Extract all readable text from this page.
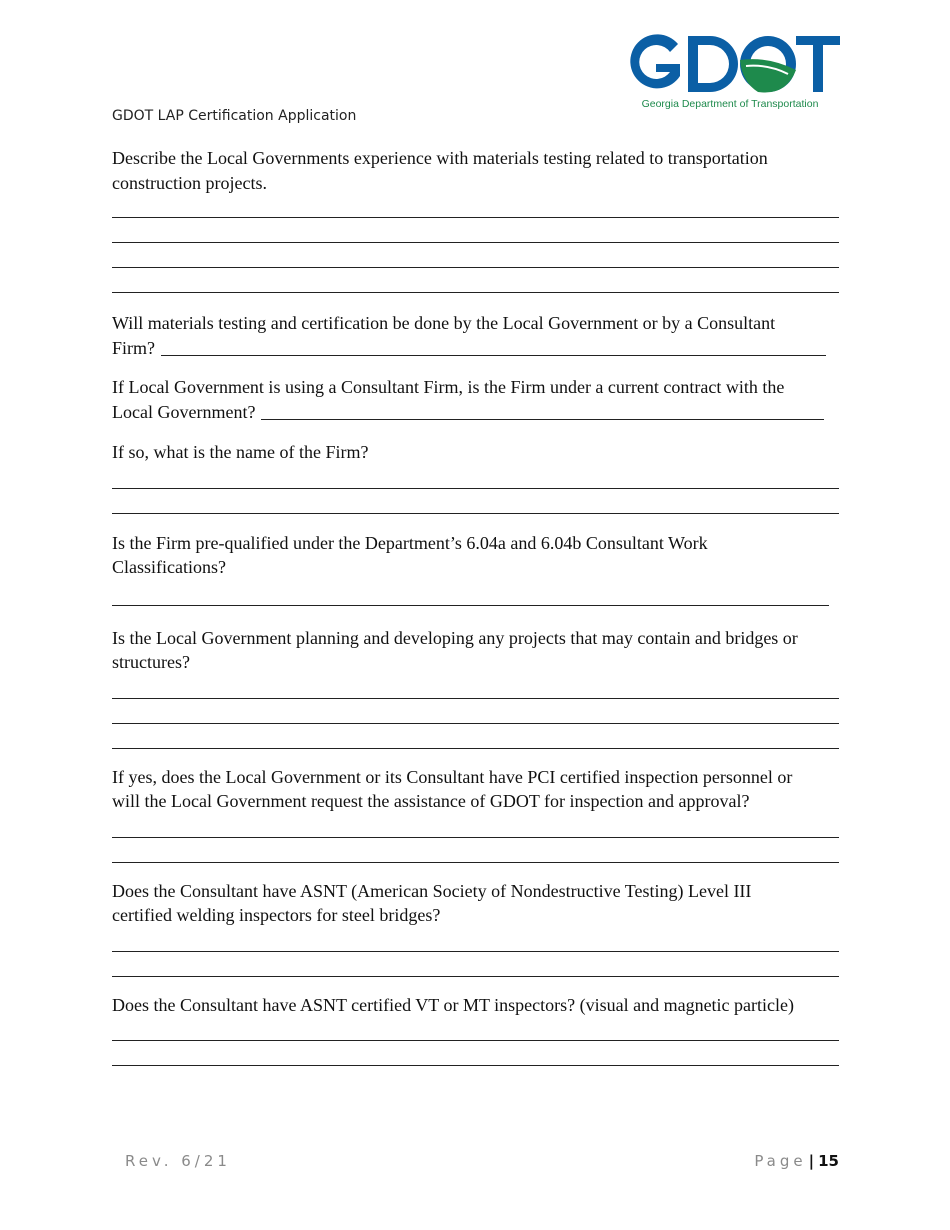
Georgia Department of Transportation
GDOT LAP Certification Application

Describe the Local Governments experience with materials testing related to transportation

construction projects.

Will materials testing and certification be done by the Local Government or by a Consultant

Firm?

If Local Government is using a Consultant Firm, is the Firm under a current contract with the

Local Government?

If so, what is the name of the Firm?

Is the Firm pre-qualified under the Department’s 6.04a and 6.04b Consultant Work

Classifications?

Is the Local Government planning and developing any projects that may contain and bridges or

structures?

If yes, does the Local Government or its Consultant have PCI certified inspection personnel or

will the Local Government request the assistance of GDOT for inspection and approval?

Does the Consultant have ASNT (American Society of Nondestructive Testing) Level III

certified welding inspectors for steel bridges?

Does the Consultant have ASNT certified VT or MT inspectors? (visual and magnetic particle)

Rev. 6/21	Page | 15
